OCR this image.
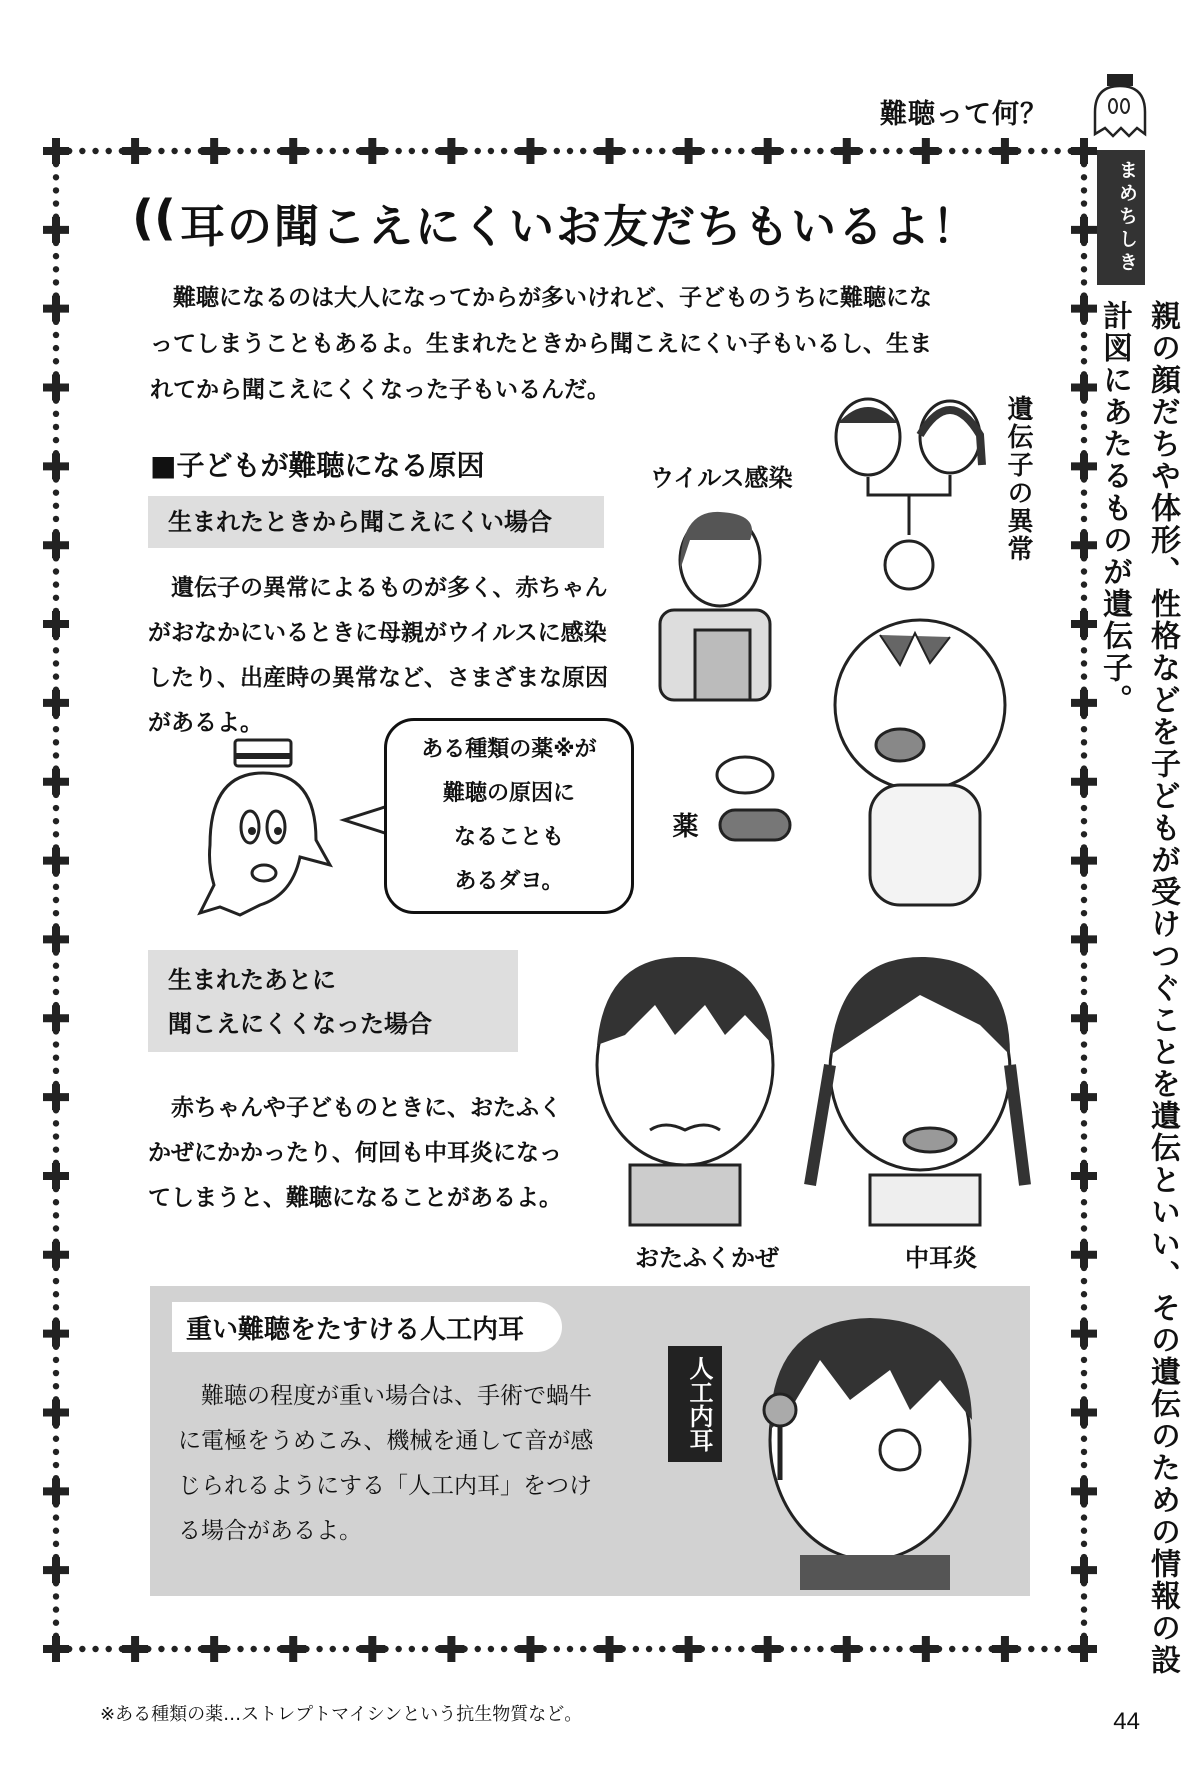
難聴って何？
(( 耳の聞こえにくいお友だちもいるよ！

難聴になるのは大人になってからが多いけれど、子どものうちに難聴になってしまうこともあるよ。生まれたときから聞こえにくい子もいるし、生まれてから聞こえにくくなった子もいるんだ。

■子どもが難聴になる原因
生まれたときから聞こえにくい場合

遺伝子の異常によるものが多く、赤ちゃんがおなかにいるときに母親がウイルスに感染したり、出産時の異常など、さまざまな原因があるよ。

ある種類の薬※が
難聴の原因に
なることも
あるダヨ。
ウイルス感染	遺伝子の異常
薬
生まれたあとに
聞こえにくくなった場合

赤ちゃんや子どものときに、おたふくかぜにかかったり、何回も中耳炎になってしまうと、難聴になることがあるよ。

おたふくかぜ	中耳炎
重い難聴をたすける人工内耳

難聴の程度が重い場合は、手術で蝸牛に電極をうめこみ、機械を通して音が感じられるようにする「人工内耳」をつける場合があるよ。

人工内耳
まめちしき
親の顔だちや体形、性格などを子どもが受けつぐことを遺伝といい、その遺伝のための情報の設計図にあたるものが遺伝子。
※ある種類の薬…ストレプトマイシンという抗生物質など。	44
